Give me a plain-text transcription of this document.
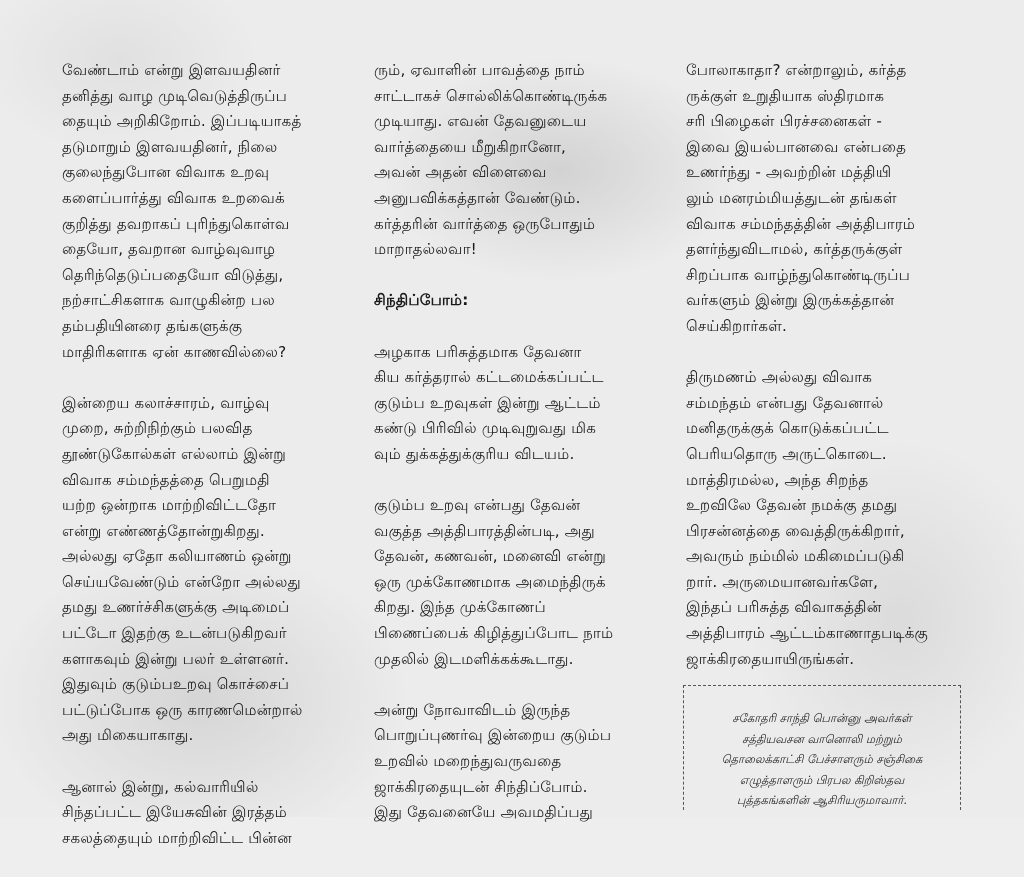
வேண்டாம் என்று இளவயதினர்
தனித்து வாழ முடிவெடுத்திருப்ப
தையும் அறிகிறோம். இப்படியாகத்
தடுமாறும் இளவயதினர், நிலை
குலைந்துபோன விவாக உறவு
களைப்பார்த்து விவாக உறவைக்
குறித்து தவறாகப் புரிந்துகொள்வ
தையோ, தவறான வாழ்வுவாழ
தெரிந்தெடுப்பதையோ விடுத்து,
நற்சாட்சிகளாக வாழுகின்ற பல
தம்பதியினரை தங்களுக்கு
மாதிரிகளாக ஏன் காணவில்லை?

இன்றைய கலாச்சாரம், வாழ்வு
முறை, சுற்றிநிற்கும் பலவித
தூண்டுகோல்கள் எல்லாம் இன்று
விவாக சம்மந்தத்தை பெறுமதி
யற்ற ஒன்றாக மாற்றிவிட்டதோ
என்று எண்ணத்தோன்றுகிறது.
அல்லது ஏதோ கலியாணம் ஒன்று
செய்யவேண்டும் என்றோ அல்லது
தமது உணர்ச்சிகளுக்கு அடிமைப்
பட்டோ இதற்கு உடன்படுகிறவர்
களாகவும் இன்று பலர் உள்ளனர்.
இதுவும் குடும்பஉறவு கொச்சைப்
பட்டுப்போக ஒரு காரணமென்றால்
அது மிகையாகாது.

ஆனால் இன்று, கல்வாரியில்
சிந்தப்பட்ட இயேசுவின் இரத்தம்
சகலத்தையும் மாற்றிவிட்ட பின்ன

ரும், ஏவாளின் பாவத்தை நாம்
சாட்டாகச் சொல்லிக்கொண்டிருக்க
முடியாது. எவன் தேவனுடைய
வார்த்தையை மீறுகிறானோ,
அவன் அதன் விளைவை
அனுபவிக்கத்தான் வேண்டும்.
கர்த்தரின் வார்த்தை ஒருபோதும்
மாறாதல்லவா!

சிந்திப்போம்:

அழகாக பரிசுத்தமாக தேவனா
கிய கர்த்தரால் கட்டமைக்கப்பட்ட
குடும்ப உறவுகள் இன்று ஆட்டம்
கண்டு பிரிவில் முடிவுறுவது மிக
வும் துக்கத்துக்குரிய விடயம்.

குடும்ப உறவு என்பது தேவன்
வகுத்த அத்திபாரத்தின்படி, அது
தேவன், கணவன், மனைவி என்று
ஒரு முக்கோணமாக அமைந்திருக்
கிறது. இந்த முக்கோணப்
பிணைப்பைக் கிழித்துப்போட நாம்
முதலில் இடமளிக்கக்கூடாது.

அன்று நோவாவிடம் இருந்த
பொறுப்புணர்வு இன்றைய குடும்ப
உறவில் மறைந்துவருவதை
ஜாக்கிரதையுடன் சிந்திப்போம்.
இது தேவனையே அவமதிப்பது

போலாகாதா? என்றாலும், கர்த்த
ருக்குள் உறுதியாக ஸ்திரமாக
சரி பிழைகள் பிரச்சனைகள் -
இவை இயல்பானவை என்பதை
உணர்ந்து - அவற்றின் மத்தியி
லும் மனரம்மியத்துடன் தங்கள்
விவாக சம்மந்தத்தின் அத்திபாரம்
தளர்ந்துவிடாமல், கர்த்தருக்குள்
சிறப்பாக வாழ்ந்துகொண்டிருப்ப
வர்களும் இன்று இருக்கத்தான்
செய்கிறார்கள்.

திருமணம் அல்லது விவாக
சம்மந்தம் என்பது தேவனால்
மனிதருக்குக் கொடுக்கப்பட்ட
பெரியதொரு அருட்கொடை.
மாத்திரமல்ல, அந்த சிறந்த
உறவிலே தேவன் நமக்கு தமது
பிரசன்னத்தை வைத்திருக்கிறார்,
அவரும் நம்மில் மகிமைப்படுகி
றார். அருமையானவர்களே,
இந்தப் பரிசுத்த விவாகத்தின்
அத்திபாரம் ஆட்டம்காணாதபடிக்கு
ஜாக்கிரதையாயிருங்கள்.

சகோதரி சாந்தி பொன்னு அவர்கள்
சத்தியவசன வானொலி மற்றும்
தொலைக்காட்சி பேச்சாளரும் சஞ்சிகை
எழுத்தாளரும் பிரபல கிறிஸ்தவ
புத்தகங்களின் ஆசிரியருமாவார்.
